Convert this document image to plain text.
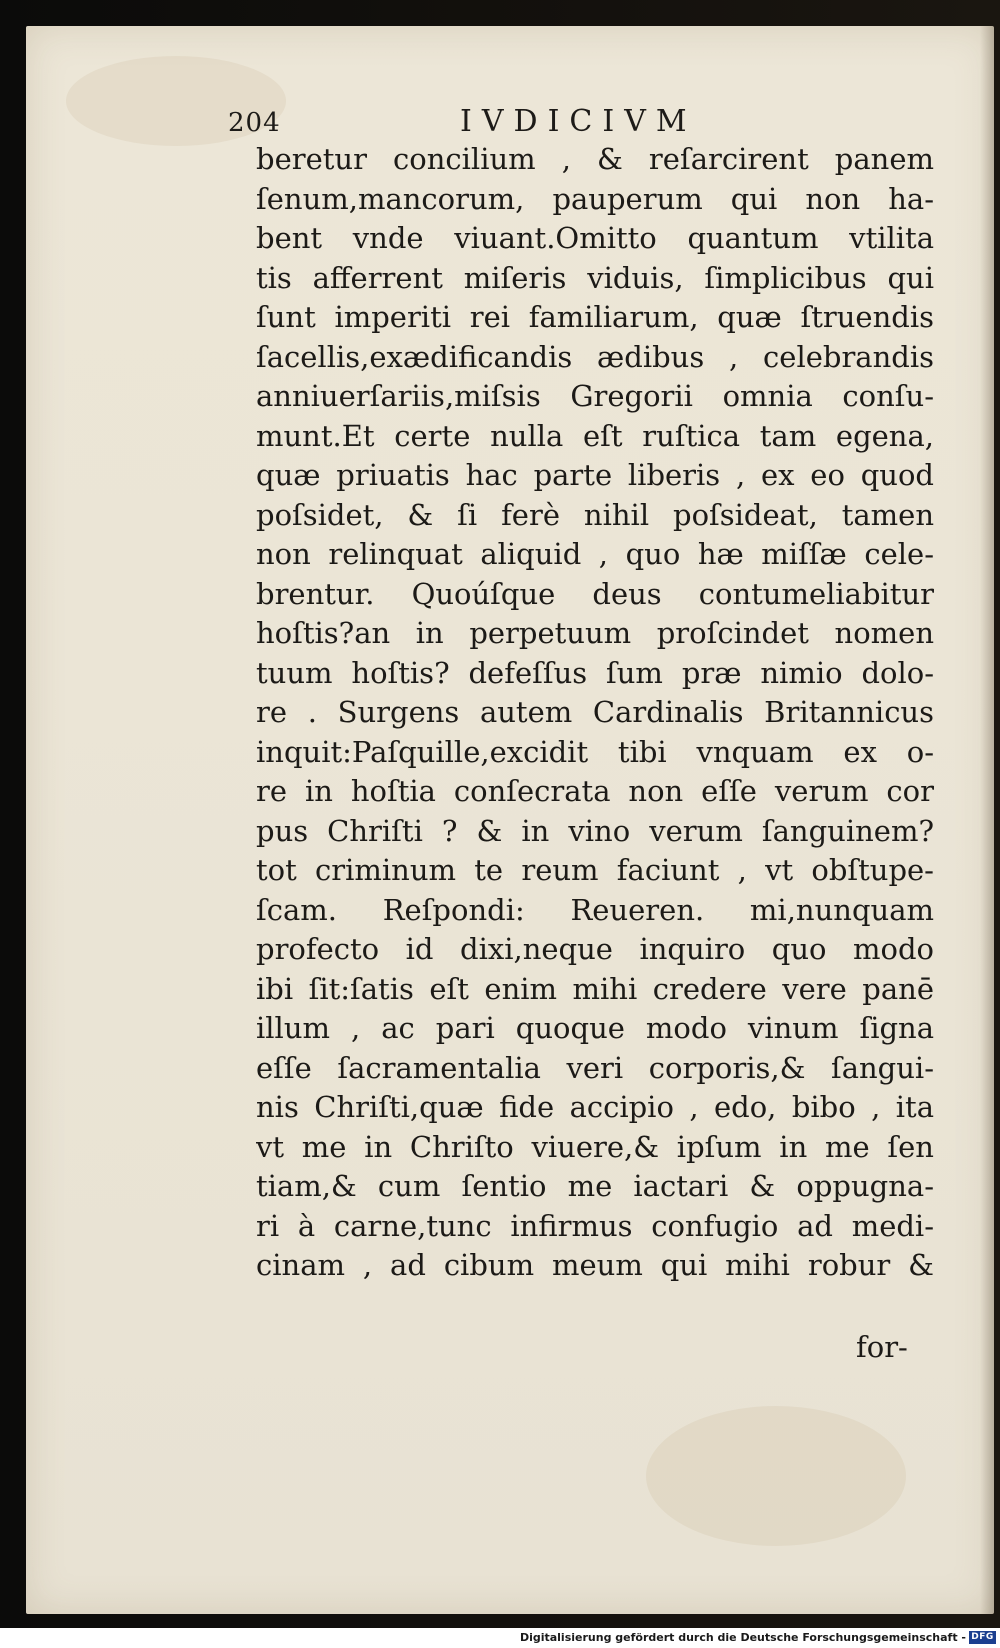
204	IVDICIVM
beretur concilium , & reſarcirent panem
ſenum,mancorum, pauperum qui non ha-
bent vnde viuant.Omitto quantum vtilita
tis afferrent miſeris viduis, ſimplicibus qui
ſunt imperiti rei familiarum, quæ ſtruendis
ſacellis,exædificandis ædibus , celebrandis
anniuerſariis,miſsis Gregorii omnia conſu-
munt.Et certe nulla eſt ruſtica tam egena,
quæ priuatis hac parte liberis , ex eo quod
poſsidet, & ſi ferè nihil poſsideat, tamen
non relinquat aliquid , quo hæ miſſæ cele-
brentur. Quoúſque deus contumeliabitur
hoſtis?an in perpetuum proſcindet nomen
tuum hoſtis? defeſſus ſum præ nimio dolo-
re . Surgens autem Cardinalis Britannicus
inquit:Paſquille,excidit tibi vnquam ex o-
re in hoſtia conſecrata non eſſe verum cor
pus Chriſti ? & in vino verum ſanguinem?
tot criminum te reum faciunt , vt obſtupe-
ſcam. Reſpondi: Reueren. mi,nunquam
profecto id dixi,neque inquiro quo modo
ibi ſit:ſatis eſt enim mihi credere vere panē
illum , ac pari quoque modo vinum ſigna
eſſe ſacramentalia veri corporis,& ſangui-
nis Chriſti,quæ fide accipio , edo, bibo , ita
vt me in Chriſto viuere,& ipſum in me ſen
tiam,& cum ſentio me iactari & oppugna-
ri à carne,tunc infirmus confugio ad medi-
cinam , ad cibum meum qui mihi robur &
for-
Digitalisierung gefördert durch die Deutsche Forschungsgemeinschaft - DFG
